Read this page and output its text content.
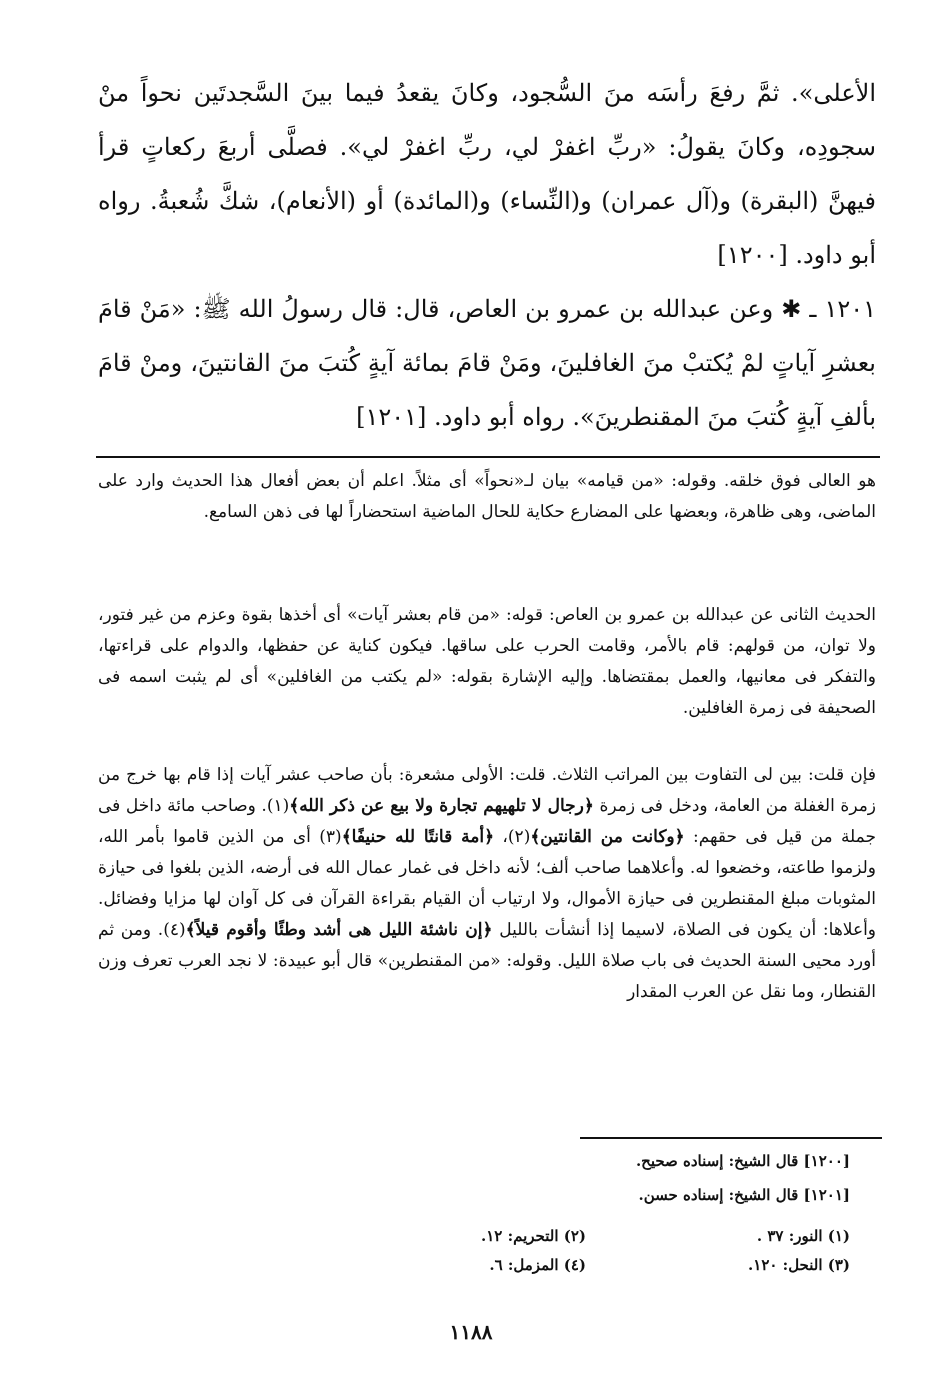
الأعلى». ثمَّ رفعَ رأسَه منَ السُّجود، وكانَ يقعدُ فيما بينَ السَّجدتَين نحواً منْ سجودِه، وكانَ يقولُ: «ربِّ اغفرْ لي، ربِّ اغفرْ لي». فصلَّى أربعَ ركعاتٍ قرأ فيهنَّ (البقرة) و(آل عمران) و(النِّساء) و(المائدة) أو (الأنعام)، شكَّ شُعبةُ. رواه أبو داود. [١٢٠٠]
١٢٠١ ـ ✱ وعن عبدالله بن عمرو بن العاص، قال: قال رسولُ الله ﷺ: «مَنْ قامَ بعشرِ آياتٍ لمْ يُكتبْ منَ الغافلينَ، ومَنْ قامَ بمائة آيةٍ كُتبَ منَ القانتينَ، ومنْ قامَ بألفِ آيةٍ كُتبَ منَ المقنطرينَ». رواه أبو داود. [١٢٠١]
هو العالى فوق خلقه. وقوله: «من قيامه» بيان لـ«نحواً» أى مثلاً. اعلم أن بعض أفعال هذا الحديث وارد على الماضى، وهى ظاهرة، وبعضها على المضارع حكاية للحال الماضية استحضاراً لها فى ذهن السامع.
الحديث الثانى عن عبدالله بن عمرو بن العاص: قوله: «من قام بعشر آيات» أى أخذها بقوة وعزم من غير فتور، ولا توان، من قولهم: قام بالأمر، وقامت الحرب على ساقها. فيكون كناية عن حفظها، والدوام على قراءتها، والتفكر فى معانيها، والعمل بمقتضاها. وإليه الإشارة بقوله: «لم يكتب من الغافلين» أى لم يثبت اسمه فى الصحيفة فى زمرة الغافلين.
فإن قلت: بين لى التفاوت بين المراتب الثلاث. قلت: الأولى مشعرة: بأن صاحب عشر آيات إذا قام بها خرج من زمرة الغفلة من العامة، ودخل فى زمرة ﴿رجال لا تلهيهم تجارة ولا بيع عن ذكر الله﴾(١). وصاحب مائة داخل فى جملة من قيل فى حقهم: ﴿وكانت من القانتين﴾(٢)، ﴿أمة قانتًا لله حنيفًا﴾(٣) أى من الذين قاموا بأمر الله، ولزموا طاعته، وخضعوا له. وأعلاهما صاحب ألف؛ لأنه داخل فى غمار عمال الله فى أرضه، الذين بلغوا فى حيازة المثوبات مبلغ المقنطرين فى حيازة الأموال، ولا ارتياب أن القيام بقراءة القرآن فى كل آوان لها مزايا وفضائل. وأعلاها: أن يكون فى الصلاة، لاسيما إذا أنشأت بالليل ﴿إن ناشئة الليل هى أشد وطئًا وأقوم قيلاً﴾(٤). ومن ثم أورد محيى السنة الحديث فى باب صلاة الليل. وقوله: «من المقنطرين» قال أبو عبيدة: لا نجد العرب تعرف وزن القنطار، وما نقل عن العرب المقدار
[١٢٠٠] قال الشيخ: إسناده صحيح.
[١٢٠١] قال الشيخ: إسناده حسن.
(١) النور: ٣٧ .
(٢) التحريم: ١٢.
(٣) النحل: ١٢٠.
(٤) المزمل: ٦.
١١٨٨
